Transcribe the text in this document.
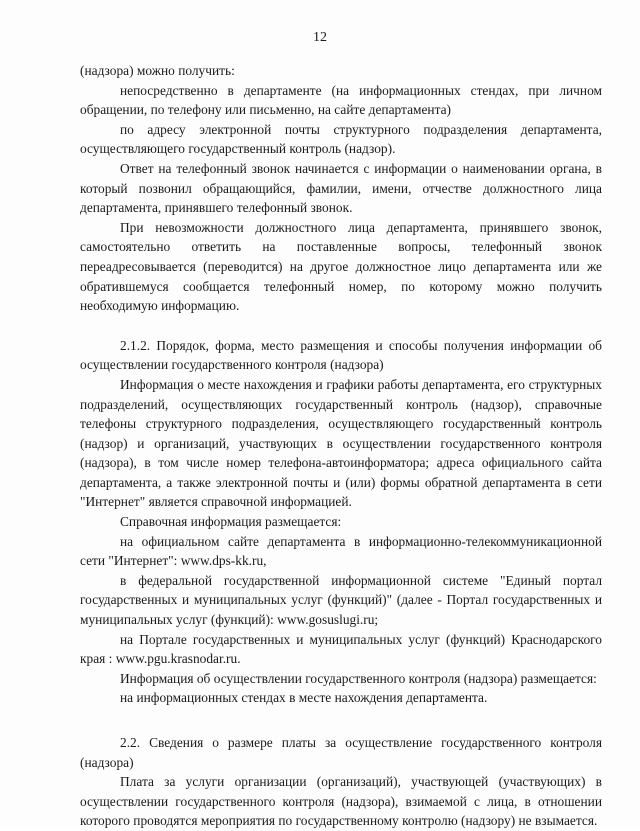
12

(надзора) можно получить:

непосредственно в департаменте (на информационных стендах, при личном обращении, по телефону или письменно, на сайте департамента)

по адресу электронной почты структурного подразделения департамента, осуществляющего государственный контроль (надзор).

Ответ на телефонный звонок начинается с информации о наименовании органа, в который позвонил обращающийся, фамилии, имени, отчестве должностного лица департамента, принявшего телефонный звонок.

При невозможности должностного лица департамента, принявшего звонок, самостоятельно ответить на поставленные вопросы, телефонный звонок переадресовывается (переводится) на другое должностное лицо департамента или же обратившемуся сообщается телефонный номер, по которому можно получить необходимую информацию.

2.1.2. Порядок, форма, место размещения и способы получения информации об осуществлении государственного контроля (надзора)

Информация о месте нахождения и графики работы департамента, его структурных подразделений, осуществляющих государственный контроль (надзор), справочные телефоны структурного подразделения, осуществляющего государственный контроль (надзор) и организаций, участвующих в осуществлении государственного контроля (надзора), в том числе номер телефона-автоинформатора; адреса официального сайта департамента, а также электронной почты и (или) формы обратной департамента в сети "Интернет" является справочной информацией.

Справочная информация размещается:

на официальном сайте департамента в информационно-телекоммуникационной сети "Интернет": www.dps-kk.ru,

в федеральной государственной информационной системе "Единый портал государственных и муниципальных услуг (функций)" (далее - Портал государственных и муниципальных услуг (функций): www.gosuslugi.ru;

на Портале государственных и муниципальных услуг (функций) Краснодарского края : www.pgu.krasnodar.ru.

Информация об осуществлении государственного контроля (надзора) размещается:

на информационных стендах в месте нахождения департамента.

2.2. Сведения о размере платы за осуществление государственного контроля (надзора)

Плата за услуги организации (организаций), участвующей (участвующих) в осуществлении государственного контроля (надзора), взимаемой с лица, в отношении которого проводятся мероприятия по государственному контролю (надзору) не взымается.
